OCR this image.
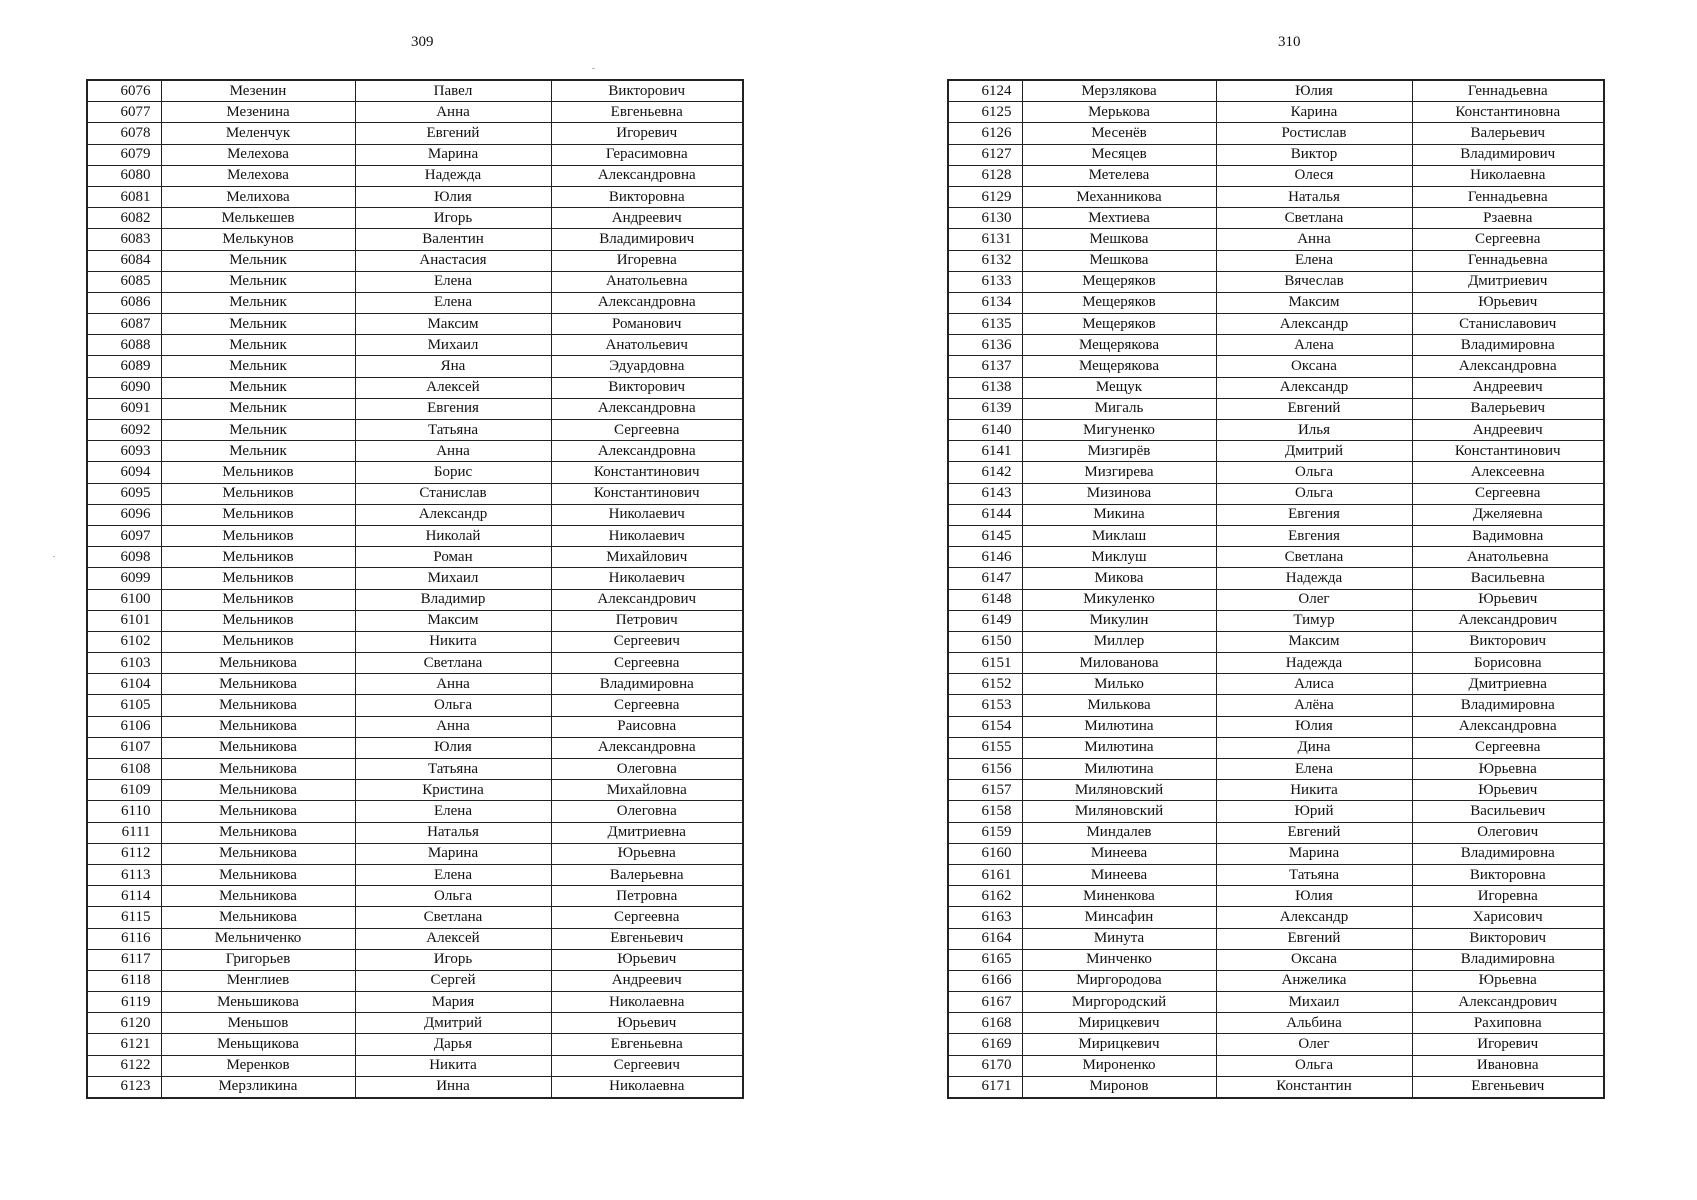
309	310
6076	Мезенин	Павел	Викторович
6077	Мезенина	Анна	Евгеньевна
6078	Меленчук	Евгений	Игоревич
6079	Мелехова	Марина	Герасимовна
6080	Мелехова	Надежда	Александровна
6081	Мелихова	Юлия	Викторовна
6082	Мелькешев	Игорь	Андреевич
6083	Мелькунов	Валентин	Владимирович
6084	Мельник	Анастасия	Игоревна
6085	Мельник	Елена	Анатольевна
6086	Мельник	Елена	Александровна
6087	Мельник	Максим	Романович
6088	Мельник	Михаил	Анатольевич
6089	Мельник	Яна	Эдуардовна
6090	Мельник	Алексей	Викторович
6091	Мельник	Евгения	Александровна
6092	Мельник	Татьяна	Сергеевна
6093	Мельник	Анна	Александровна
6094	Мельников	Борис	Константинович
6095	Мельников	Станислав	Константинович
6096	Мельников	Александр	Николаевич
6097	Мельников	Николай	Николаевич
6098	Мельников	Роман	Михайлович
6099	Мельников	Михаил	Николаевич
6100	Мельников	Владимир	Александрович
6101	Мельников	Максим	Петрович
6102	Мельников	Никита	Сергеевич
6103	Мельникова	Светлана	Сергеевна
6104	Мельникова	Анна	Владимировна
6105	Мельникова	Ольга	Сергеевна
6106	Мельникова	Анна	Раисовна
6107	Мельникова	Юлия	Александровна
6108	Мельникова	Татьяна	Олеговна
6109	Мельникова	Кристина	Михайловна
6110	Мельникова	Елена	Олеговна
6111	Мельникова	Наталья	Дмитриевна
6112	Мельникова	Марина	Юрьевна
6113	Мельникова	Елена	Валерьевна
6114	Мельникова	Ольга	Петровна
6115	Мельникова	Светлана	Сергеевна
6116	Мельниченко	Алексей	Евгеньевич
6117	Григорьев	Игорь	Юрьевич
6118	Менглиев	Сергей	Андреевич
6119	Меньшикова	Мария	Николаевна
6120	Меньшов	Дмитрий	Юрьевич
6121	Меньщикова	Дарья	Евгеньевна
6122	Меренков	Никита	Сергеевич
6123	Мерзликина	Инна	Николаевна
6124	Мерзлякова	Юлия	Геннадьевна
6125	Мерькова	Карина	Константиновна
6126	Месенёв	Ростислав	Валерьевич
6127	Месяцев	Виктор	Владимирович
6128	Метелева	Олеся	Николаевна
6129	Механникова	Наталья	Геннадьевна
6130	Мехтиева	Светлана	Рзаевна
6131	Мешкова	Анна	Сергеевна
6132	Мешкова	Елена	Геннадьевна
6133	Мещеряков	Вячеслав	Дмитриевич
6134	Мещеряков	Максим	Юрьевич
6135	Мещеряков	Александр	Станиславович
6136	Мещерякова	Алена	Владимировна
6137	Мещерякова	Оксана	Александровна
6138	Мещук	Александр	Андреевич
6139	Мигаль	Евгений	Валерьевич
6140	Мигуненко	Илья	Андреевич
6141	Мизгирёв	Дмитрий	Константинович
6142	Мизгирева	Ольга	Алексеевна
6143	Мизинова	Ольга	Сергеевна
6144	Микина	Евгения	Джеляевна
6145	Миклаш	Евгения	Вадимовна
6146	Миклуш	Светлана	Анатольевна
6147	Микова	Надежда	Васильевна
6148	Микуленко	Олег	Юрьевич
6149	Микулин	Тимур	Александрович
6150	Миллер	Максим	Викторович
6151	Милованова	Надежда	Борисовна
6152	Милько	Алиса	Дмитриевна
6153	Милькова	Алёна	Владимировна
6154	Милютина	Юлия	Александровна
6155	Милютина	Дина	Сергеевна
6156	Милютина	Елена	Юрьевна
6157	Миляновский	Никита	Юрьевич
6158	Миляновский	Юрий	Васильевич
6159	Миндалев	Евгений	Олегович
6160	Минеева	Марина	Владимировна
6161	Минеева	Татьяна	Викторовна
6162	Миненкова	Юлия	Игоревна
6163	Минсафин	Александр	Харисович
6164	Минута	Евгений	Викторович
6165	Минченко	Оксана	Владимировна
6166	Миргородова	Анжелика	Юрьевна
6167	Миргородский	Михаил	Александрович
6168	Мирицкевич	Альбина	Рахиповна
6169	Мирицкевич	Олег	Игоревич
6170	Мироненко	Ольга	Ивановна
6171	Миронов	Константин	Евгеньевич
